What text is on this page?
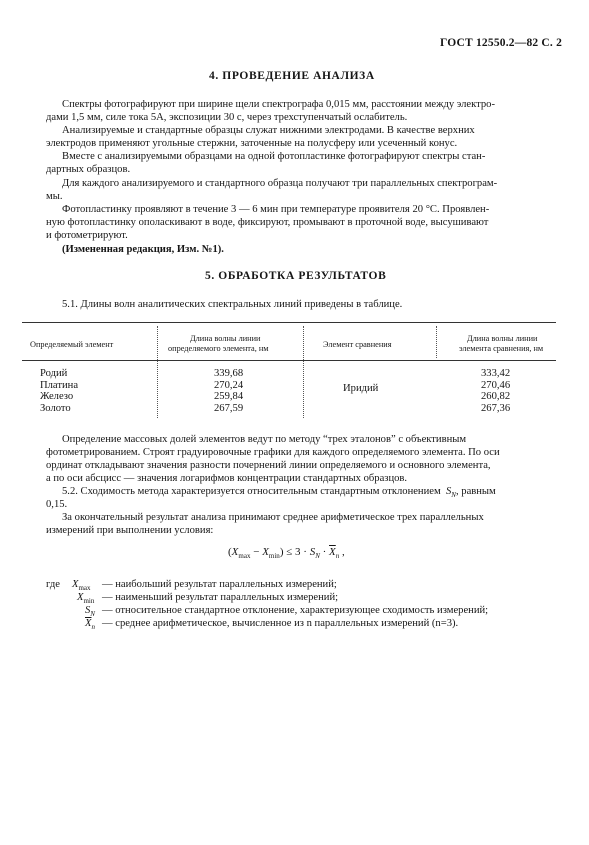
ГОСТ 12550.2—82 С. 2
4. ПРОВЕДЕНИЕ АНАЛИЗА
Спектры фотографируют при ширине щели спектрографа 0,015 мм, расстоянии между электро-
дами 1,5 мм, силе тока 5А, экспозиции 30 с, через трехступенчатый ослабитель.
Анализируемые и стандартные образцы служат нижними электродами. В качестве верхних
электродов применяют угольные стержни, заточенные на полусферу или усеченный конус.
Вместе с анализируемыми образцами на одной фотопластинке фотографируют спектры стан-
дартных образцов.
Для каждого анализируемого и стандартного образца получают три параллельных спектрограм-
мы.
Фотопластинку проявляют в течение 3 — 6 мин при температуре проявителя 20 °С. Проявлен-
ную фотопластинку ополаскивают в воде, фиксируют, промывают в проточной воде, высушивают
и фотометрируют.
(Измененная редакция, Изм. №1).
5. ОБРАБОТКА РЕЗУЛЬТАТОВ
5.1. Длины волн аналитических спектральных линий приведены в таблице.
Определяемый элемент
Длина волны линии
определяемого элемента, нм	Элемент сравнения
Длина волны линии
элемента сравнения, нм
Родий
Платина
Железо
Золото
339,68
270,24
259,84
267,59
Иридий
333,42
270,46
260,82
267,36
Определение массовых долей элементов ведут по методу “трех эталонов” с объективным
фотометрированием. Строят градуировочные графики для каждого определяемого элемента. По оси
ординат откладывают значения разности почернений линии определяемого и основного элемента,
а по оси абсцисс — значения логарифмов концентрации стандартных образцов.
5.2. Сходимость метода характеризуется относительным стандартным отклонением  $S_N$, равным
0,15.
За окончательный результат анализа принимают среднее арифметическое трех параллельных
измерений при выполнении условия:
$(X_{max} - X_{min}) \le 3 \cdot S_N \cdot \overline{X}_n$ ,
где $X_{max}$ — наибольший результат параллельных измерений;
$X_{min}$ — наименьший результат параллельных измерений;
$S_N$ — относительное стандартное отклонение, характеризующее сходимость измерений;
$\overline{X}_n$ — среднее арифметическое, вычисленное из n параллельных измерений (n=3).
